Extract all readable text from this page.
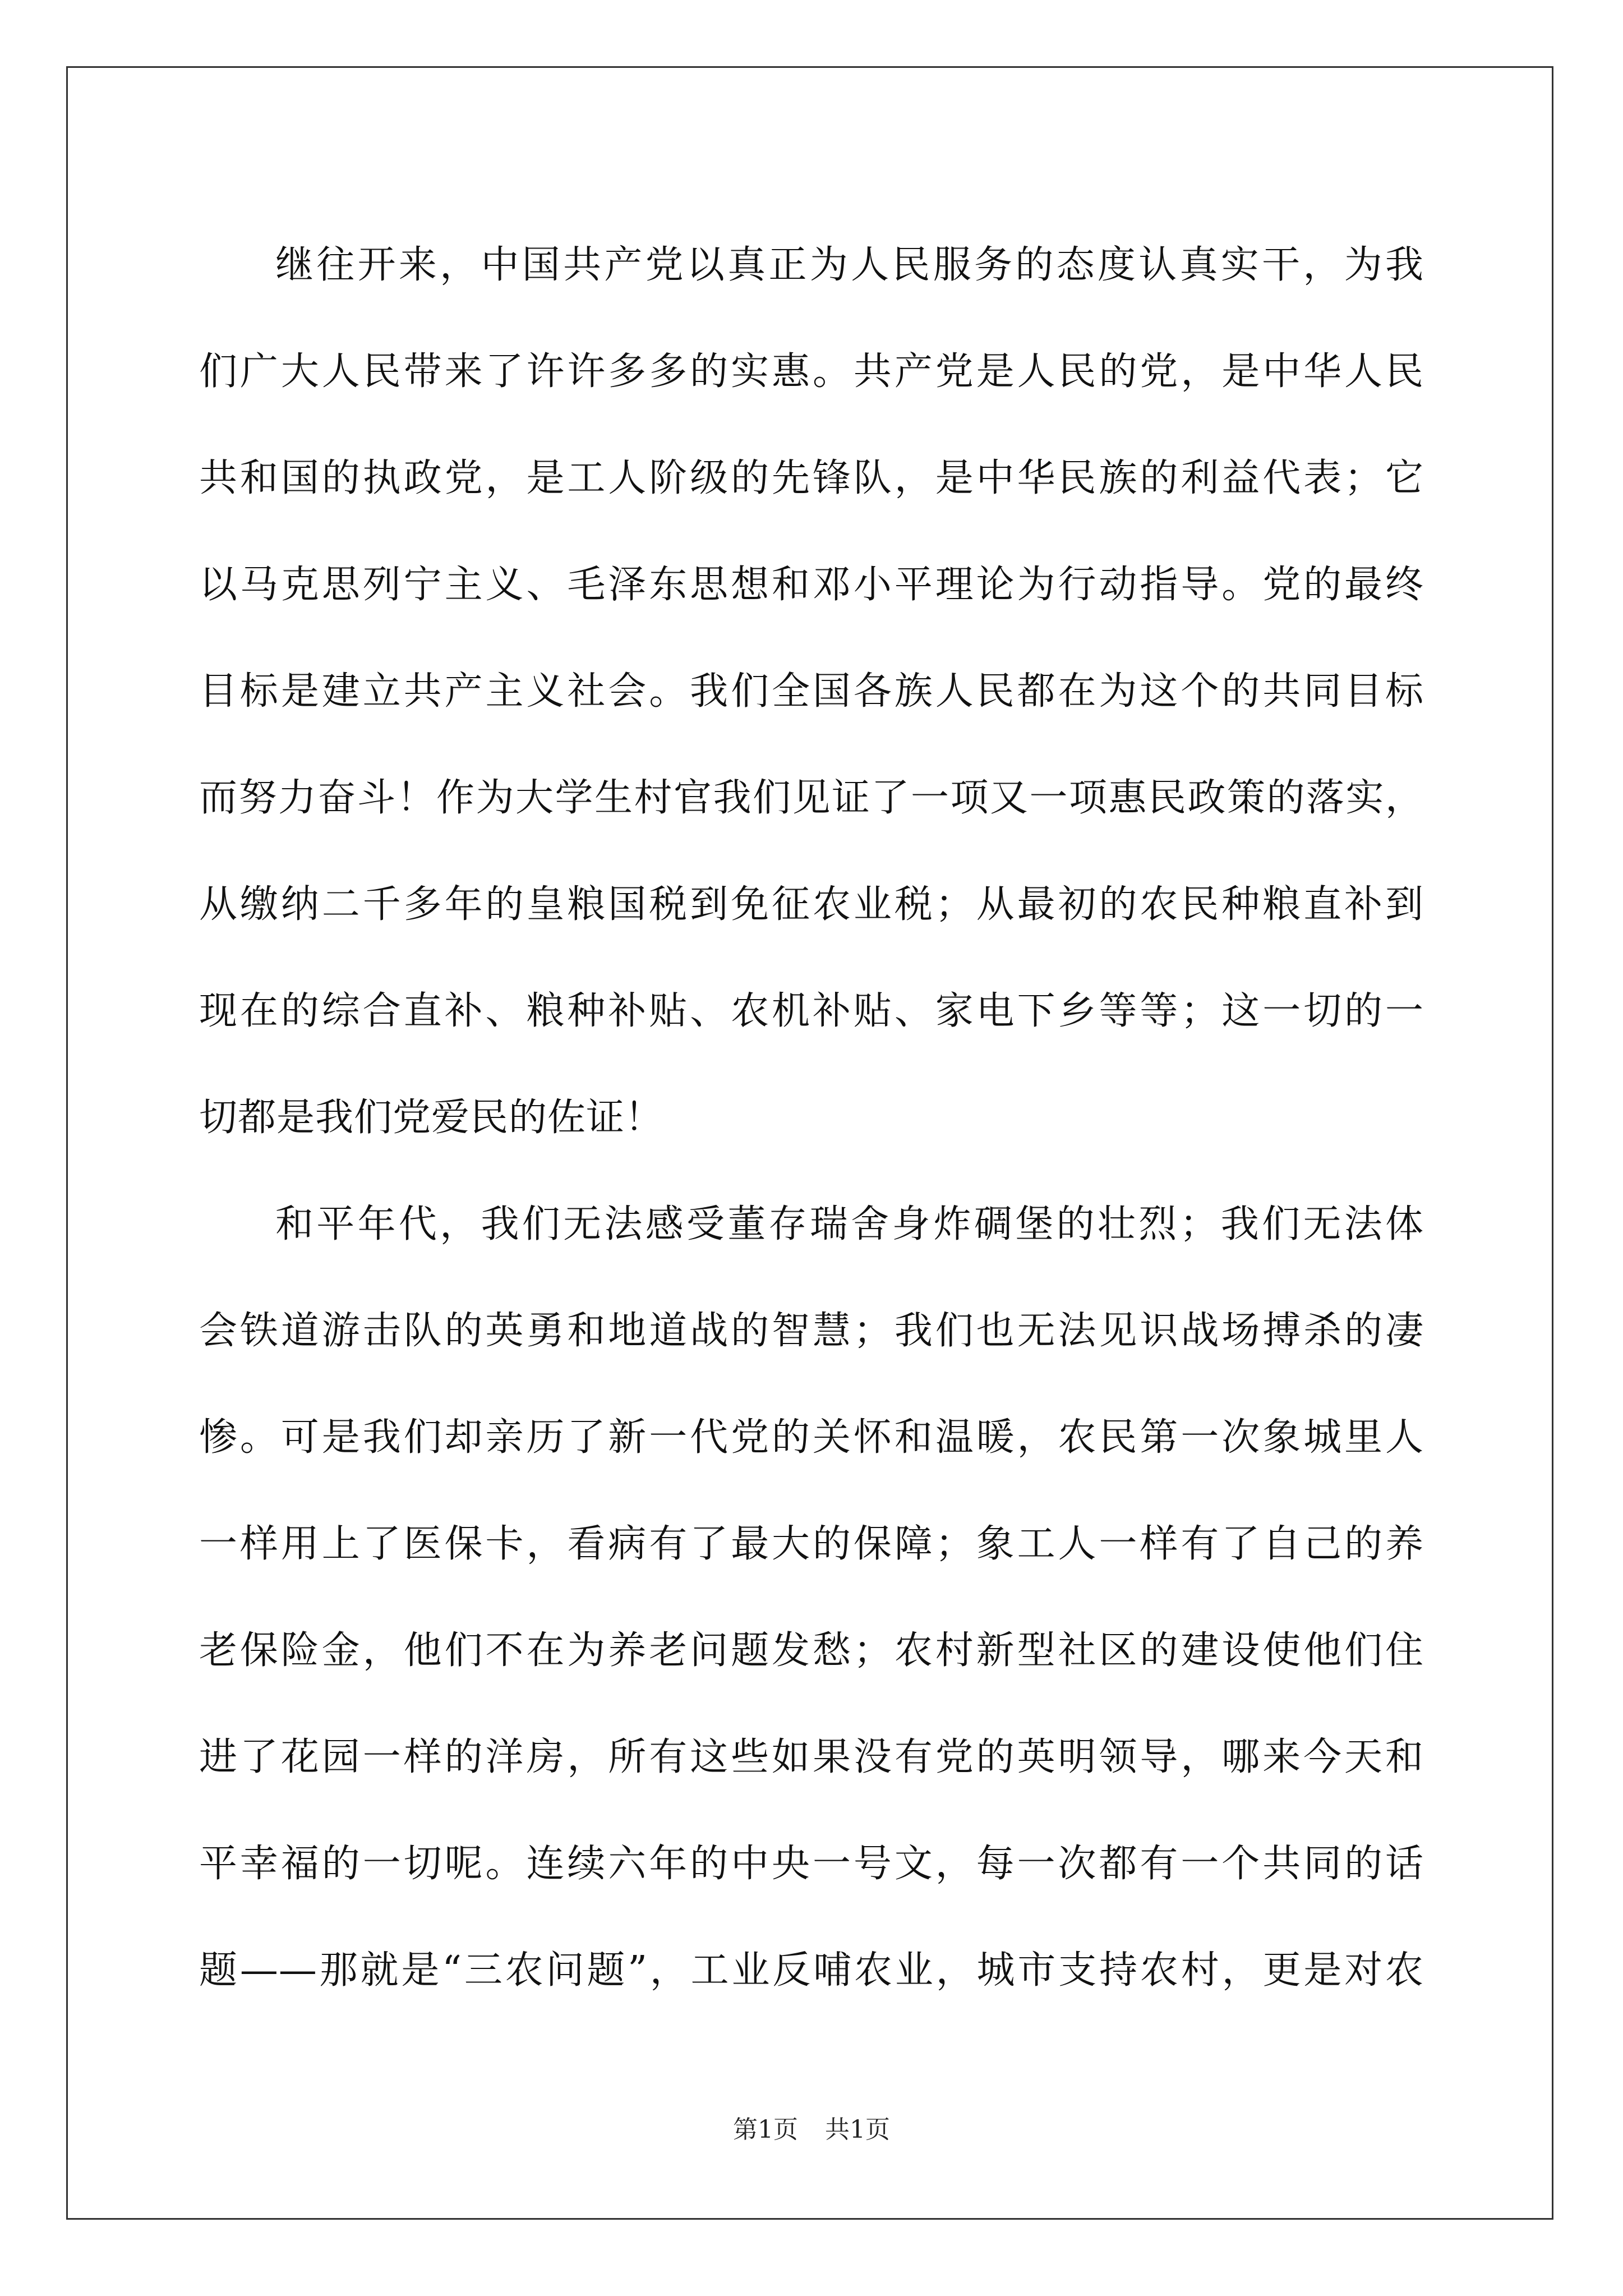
继往开来，中国共产党以真正为人民服务的态度认真实干，为我
们广大人民带来了许许多多的实惠。共产党是人民的党，是中华人民
共和国的执政党，是工人阶级的先锋队，是中华民族的利益代表；它
以马克思列宁主义、毛泽东思想和邓小平理论为行动指导。党的最终
目标是建立共产主义社会。我们全国各族人民都在为这个的共同目标
而努力奋斗！作为大学生村官我们见证了一项又一项惠民政策的落实，
从缴纳二千多年的皇粮国税到免征农业税；从最初的农民种粮直补到
现在的综合直补、粮种补贴、农机补贴、家电下乡等等；这一切的一
切都是我们党爱民的佐证！
和平年代，我们无法感受董存瑞舍身炸碉堡的壮烈；我们无法体
会铁道游击队的英勇和地道战的智慧；我们也无法见识战场搏杀的凄
惨。可是我们却亲历了新一代党的关怀和温暖，农民第一次象城里人
一样用上了医保卡，看病有了最大的保障；象工人一样有了自己的养
老保险金，他们不在为养老问题发愁；农村新型社区的建设使他们住
进了花园一样的洋房，所有这些如果没有党的英明领导，哪来今天和
平幸福的一切呢。连续六年的中央一号文，每一次都有一个共同的话
题——那就是“三农问题”，工业反哺农业，城市支持农村，更是对农
第1页 共1页
